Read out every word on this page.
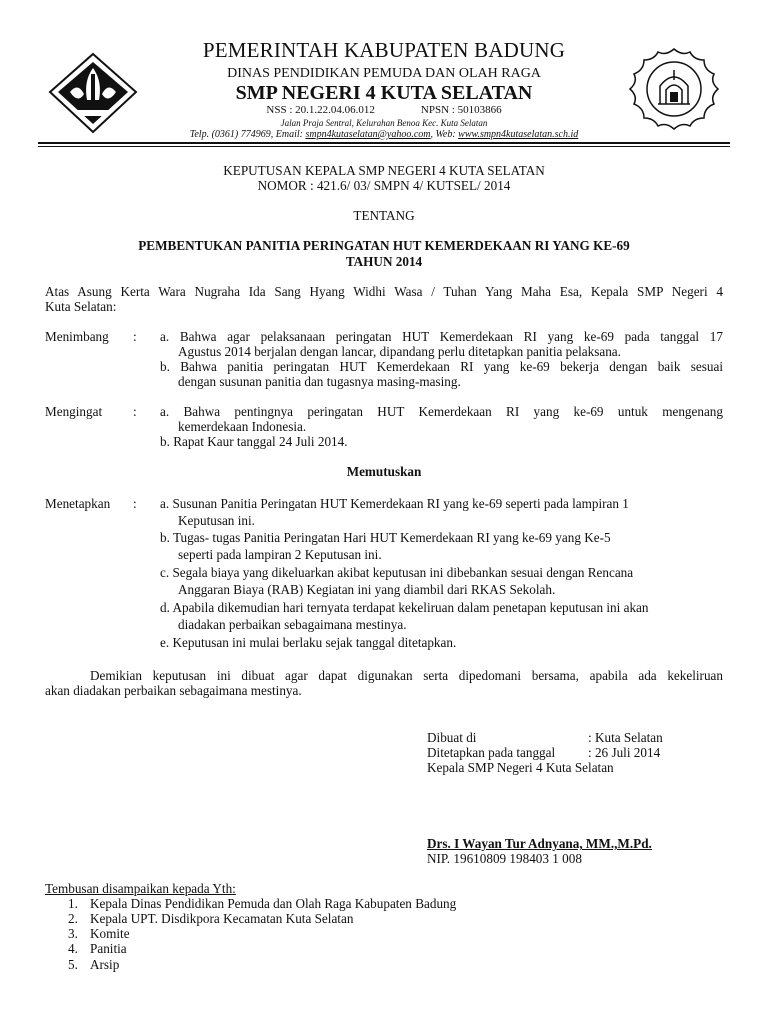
PEMERINTAH KABUPATEN BADUNG
DINAS PENDIDIKAN PEMUDA DAN OLAH RAGA
SMP NEGERI 4 KUTA SELATAN
NSS : 20.1.22.04.06.012	NPSN : 50103866
Jalan Praja Sentral, Kelurahan Benoa Kec. Kuta Selatan
Telp. (0361) 774969, Email: smpn4kutaselatan@yahoo.com, Web: www.smpn4kutaselatan.sch.id
KEPUTUSAN KEPALA SMP NEGERI 4 KUTA SELATAN
NOMOR : 421.6/ 03/ SMPN 4/ KUTSEL/ 2014
TENTANG
PEMBENTUKAN PANITIA PERINGATAN HUT KEMERDEKAAN RI YANG KE-69
TAHUN 2014
Atas Asung Kerta Wara Nugraha Ida Sang Hyang Widhi Wasa / Tuhan Yang Maha Esa, Kepala SMP Negeri 4
Kuta Selatan:
Menimbang : a. Bahwa agar pelaksanaan peringatan HUT Kemerdekaan RI yang ke-69 pada tanggal 17
Agustus 2014 berjalan dengan lancar, dipandang perlu ditetapkan panitia pelaksana.
b. Bahwa panitia peringatan HUT Kemerdekaan RI yang ke-69 bekerja dengan baik sesuai
dengan susunan panitia dan tugasnya masing-masing.
Mengingat : a. Bahwa pentingnya peringatan HUT Kemerdekaan RI yang ke-69 untuk mengenang
kemerdekaan Indonesia.
b. Rapat Kaur tanggal 24 Juli 2014.
Memutuskan
Menetapkan : a. Susunan Panitia Peringatan HUT Kemerdekaan RI yang ke-69 seperti pada lampiran 1
Keputusan ini.
b. Tugas- tugas Panitia Peringatan Hari HUT Kemerdekaan RI yang ke-69 yang Ke-5
seperti pada lampiran 2 Keputusan ini.
c. Segala biaya yang dikeluarkan akibat keputusan ini dibebankan sesuai dengan Rencana
Anggaran Biaya (RAB) Kegiatan ini yang diambil dari RKAS Sekolah.
d. Apabila dikemudian hari ternyata terdapat kekeliruan dalam penetapan keputusan ini akan
diadakan perbaikan sebagaimana mestinya.
e. Keputusan ini mulai berlaku sejak tanggal ditetapkan.
Demikian keputusan ini dibuat agar dapat digunakan serta dipedomani bersama, apabila ada kekeliruan
akan diadakan perbaikan sebagaimana mestinya.
Dibuat di	: Kuta Selatan
Ditetapkan pada tanggal : 26 Juli 2014
Kepala SMP Negeri 4 Kuta Selatan
Drs. I Wayan Tur Adnyana, MM.,M.Pd.
NIP. 19610809 198403 1 008
Tembusan disampaikan kepada Yth:
1. Kepala Dinas Pendidikan Pemuda dan Olah Raga Kabupaten Badung
2. Kepala UPT. Disdikpora Kecamatan Kuta Selatan
3. Komite
4. Panitia
5. Arsip
